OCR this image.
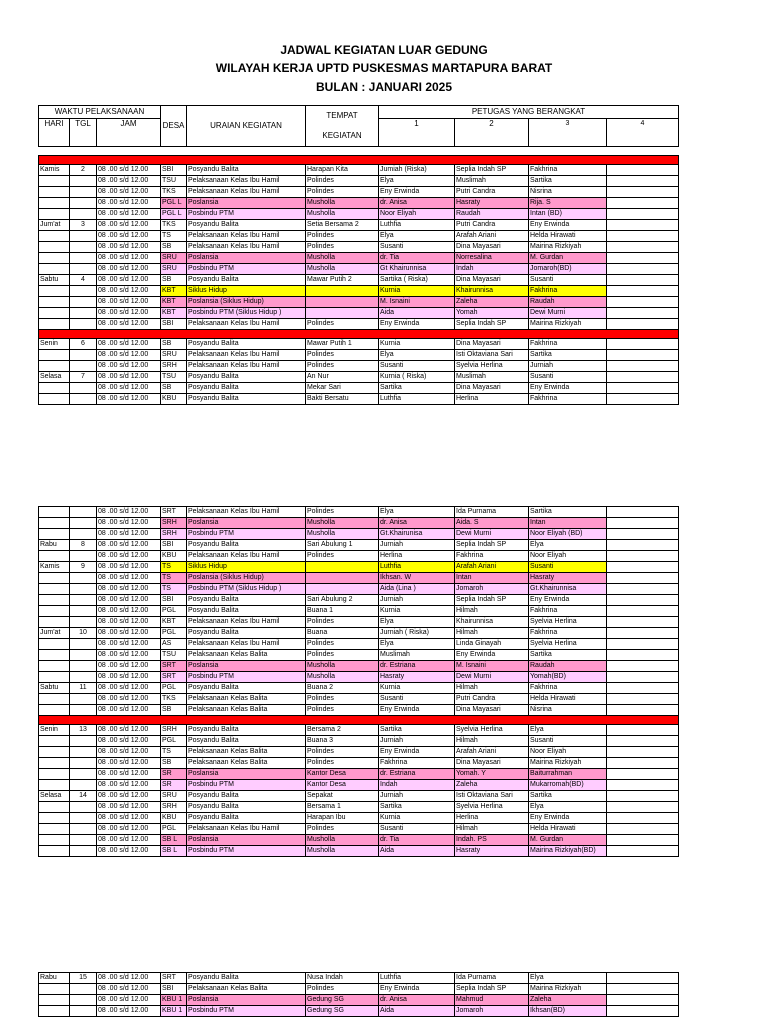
JADWAL KEGIATAN LUAR GEDUNG
WILAYAH KERJA UPTD PUSKESMAS MARTAPURA BARAT
BULAN : JANUARI 2025
WAKTU PELAKSANAAN			DESA	URAIAN KEGIATAN	TEMPAT	PETUGAS YANG BERANGKAT			
HARI	TGL	JAM				1	2	3	4
					KEGIATAN				

Kamis	2	08 .00 s/d 12.00	SBI	Posyandu Balita	Harapan Kita	Jumiah (Riska)	Seplia Indah SP	Fakhrina	
		08 .00 s/d 12.00	TSU	Pelaksanaan Kelas Ibu Hamil	Polindes	Elya	Muslimah	Sartika	
		08 .00 s/d 12.00	TKS	Pelaksanaan Kelas Ibu Hamil	Polindes	Eny Erwinda	Putri Candra	Nisrina	
		08 .00 s/d 12.00	PGL L	Poslansia	Musholla	dr. Anisa	Hasraty	Rija. S	
		08 .00 s/d 12.00	PGL L	Posbindu PTM	Musholla	Noor Eliyah	Raudah	Intan (BD)	
Jum'at	3	08 .00 s/d 12.00	TKS	Posyandu Balita	Setia Bersama 2	Luthfia	Putri Candra	Eny Erwinda	
		08 .00 s/d 12.00	TS	Pelaksanaan Kelas Ibu Hamil	Polindes	Elya	Arafah Ariani	Helda Hirawati	
		08 .00 s/d 12.00	SB	Pelaksanaan Kelas Ibu Hamil	Polindes	Susanti	Dina Mayasari	Mairina Rizkiyah	
		08 .00 s/d 12.00	SRU	Poslansia	Musholla	dr. Tia	Norresalina	M. Gurdan	
		08 .00 s/d 12.00	SRU	Posbindu PTM	Musholla	Gt Khairunnisa	Indah	Jomaroh(BD)	
Sabtu	4	08 .00 s/d 12.00	SB	Posyandu Balita	Mawar Putih 2	Sartika ( Riska)	Dina Mayasari	Susanti	
		08 .00 s/d 12.00	KBT	Siklus Hidup		Kurnia	Khairunnisa	Fakhrina	
		08 .00 s/d 12.00	KBT	Poslansia (Siklus Hidup)		M. Isnaini	Zaleha	Raudah	
		08 .00 s/d 12.00	KBT	Posbindu PTM (Siklus Hidup )		Aida	Yomah	Dewi Murni	
		08 .00 s/d 12.00	SBI	Pelaksanaan Kelas Ibu Hamil	Polindes	Eny Erwinda	Seplia Indah SP	Mairina Rizkiyah	

Senin	6	08 .00 s/d 12.00	SB	Posyandu Balita	Mawar Putih 1	Kurnia	Dina Mayasari	Fakhrina	
		08 .00 s/d 12.00	SRU	Pelaksanaan Kelas Ibu Hamil	Polindes	Elya	Isti Oktaviana Sari	Sartika	
		08 .00 s/d 12.00	SRH	Pelaksanaan Kelas Ibu Hamil	Polindes	Susanti	Syelvia Herlina	Jurniah	
Selasa	7	08 .00 s/d 12.00	TSU	Posyandu Balita	An Nur	Kurnia ( Riska)	Muslimah	Susanti	
		08 .00 s/d 12.00	SB	Posyandu Balita	Mekar Sari	Sartika	Dina Mayasari	Eny Erwinda	
		08 .00 s/d 12.00	KBU	Posyandu Balita	Bakti Bersatu	Luthfia	Herlina	Fakhrina	
		08 .00 s/d 12.00	SRT	Pelaksanaan Kelas Ibu Hamil	Polindes	Elya	Ida Purnama	Sartika	
		08 .00 s/d 12.00	SRH	Poslansia	Musholla	dr. Anisa	Aida. S	Intan	
		08 .00 s/d 12.00	SRH	Posbindu PTM	Musholla	Gt.Khairunisa	Dewi Murni	Noor Eliyah (BD)	
Rabu	8	08 .00 s/d 12.00	SBI	Posyandu Balita	Sari Abulung 1	Jurniah	Seplia Indah SP	Elya	
		08 .00 s/d 12.00	KBU	Pelaksanaan Kelas Ibu Hamil	Polindes	Herlina	Fakhrina	Noor Eliyah	
Kamis	9	08 .00 s/d 12.00	TS	Siklus Hidup		Luthfia	Arafah Ariani	Susanti	
		08 .00 s/d 12.00	TS	Poslansia (Siklus Hidup)		Ikhsan. W	Intan	Hasraty	
		08 .00 s/d 12.00	TS	Posbindu PTM (Siklus Hidup )		Aida (Lina )	Jomaroh	Gt.Khairunnisa	
		08 .00 s/d 12.00	SBI	Posyandu Balita	Sari Abulung 2	Jurniah	Seplia Indah SP	Eny Erwinda	
		08 .00 s/d 12.00	PGL	Posyandu Balita	Buana 1	Kurnia	Hilmah	Fakhrina	
		08 .00 s/d 12.00	KBT	Pelaksanaan Kelas Ibu Hamil	Polindes	Elya	Khairunnisa	Syelvia Herlina	
Jum'at	10	08 .00 s/d 12.00	PGL	Posyandu Balita	Buana	Jurniah ( Riska)	Hilmah	Fakhrina	
		08 .00 s/d 12.00	AS	Pelaksanaan Kelas Ibu Hamil	Polindes	Elya	Linda Ginayah	Syelvia Herlina	
		08 .00 s/d 12.00	TSU	Pelaksanaan Kelas Balita	Polindes	Muslimah	Eny Erwinda	Sartika	
		08 .00 s/d 12.00	SRT	Poslansia	Musholla	dr. Estriana	M. Isnaini	Raudah	
		08 .00 s/d 12.00	SRT	Posbindu PTM	Musholla	Hasraty	Dewi Murni	Yomah(BD)	
Sabtu	11	08 .00 s/d 12.00	PGL	Posyandu Balita	Buana 2	Kurnia	Hilmah	Fakhrina	
		08 .00 s/d 12.00	TKS	Pelaksanaan Kelas Balita	Polindes	Susanti	Putri Candra	Helda Hirawati	
		08 .00 s/d 12.00	SB	Pelaksanaan Kelas Balita	Polindes	Eny Erwinda	Dina Mayasari	Nisrina	

Senin	13	08 .00 s/d 12.00	SRH	Posyandu Balita	Bersama 2	Sartika	Syelvia Herlina	Elya	
		08 .00 s/d 12.00	PGL	Posyandu Balita	Buana 3	Jurniah	Hilmah	Susanti	
		08 .00 s/d 12.00	TS	Pelaksanaan Kelas Balita	Polindes	Eny Erwinda	Arafah Ariani	Noor Eliyah	
		08 .00 s/d 12.00	SB	Pelaksanaan Kelas Balita	Polindes	Fakhrina	Dina Mayasari	Mairina Rizkiyah	
		08 .00 s/d 12.00	SR	Poslansia	Kantor Desa	dr. Estriana	Yomah. Y	Baiturrahman	
		08 .00 s/d 12.00	SR	Posbindu PTM	Kantor Desa	Indah	Zaleha	Mukarromah(BD)	
Selasa	14	08 .00 s/d 12.00	SRU	Posyandu Balita	Sepakat	Jurniah	Isti Oktaviana Sari	Sartika	
		08 .00 s/d 12.00	SRH	Posyandu Balita	Bersama 1	Sartika	Syelvia Herlina	Elya	
		08 .00 s/d 12.00	KBU	Posyandu Balita	Harapan Ibu	Kurnia	Herlina	Eny Erwinda	
		08 .00 s/d 12.00	PGL	Pelaksanaan Kelas Ibu Hamil	Polindes	Susanti	Hilmah	Helda Hirawati	
		08 .00 s/d 12.00	SB L	Poslansia	Musholla	dr. Tia	Indah. PS	M. Gurdan	
		08 .00 s/d 12.00	SB L	Posbindu PTM	Musholla	Aida	Hasraty	Mairina Rizkiyah(BD)	
Rabu	15	08 .00 s/d 12.00	SRT	Posyandu Balita	Nusa Indah	Luthfia	Ida Purnama	Elya	
		08 .00 s/d 12.00	SBI	Pelaksanaan Kelas Balita	Polindes	Eny Erwinda	Seplia Indah SP	Mairina Rizkiyah	
		08 .00 s/d 12.00	KBU 1	Poslansia	Gedung SG	dr. Anisa	Mahmud	Zaleha	
		08 .00 s/d 12.00	KBU 1	Posbindu PTM	Gedung SG	Aida	Jomaroh	Ikhsan(BD)	
